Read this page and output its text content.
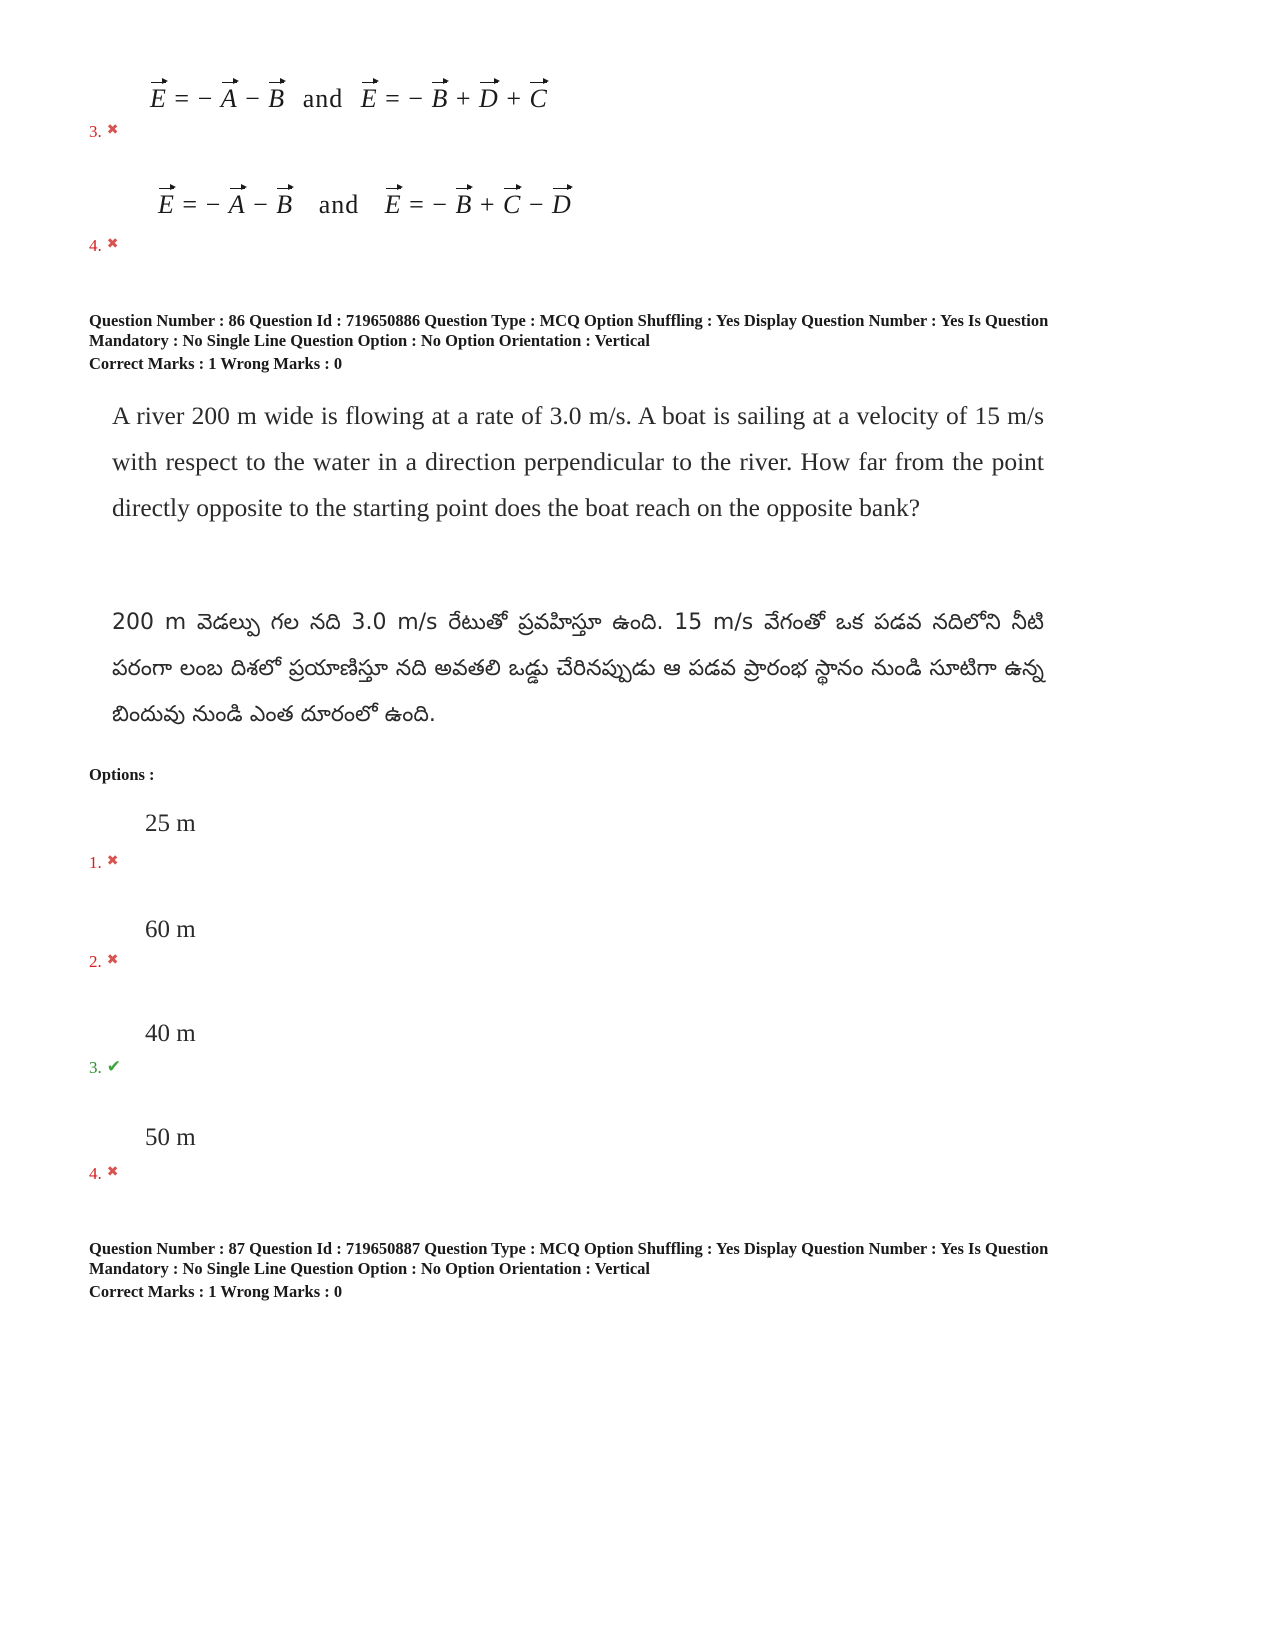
E = − A − B and E = − B + D + C
3. ✖
E = − A − B and E = − B + C − D
4. ✖
Question Number : 86 Question Id : 719650886 Question Type : MCQ Option Shuffling : Yes Display Question Number : Yes Is Question
Mandatory : No Single Line Question Option : No Option Orientation : Vertical
Correct Marks : 1 Wrong Marks : 0
A river 200 m wide is flowing at a rate of 3.0 m/s. A boat is sailing at a velocity of 15 m/s with respect to the water in a direction perpendicular to the river. How far from the point directly opposite to the starting point does the boat reach on the opposite bank?
200 m వెడల్పు గల నది 3.0 m/s రేటుతో ప్రవహిస్తూ ఉంది. 15 m/s వేగంతో ఒక పడవ నదిలోని నీటి పరంగా లంబ దిశలో ప్రయాణిస్తూ నది అవతలి ఒడ్డు చేరినప్పుడు ఆ పడవ ప్రారంభ స్థానం నుండి సూటిగా ఉన్న బిందువు నుండి ఎంత దూరంలో ఉంది.
Options :
25 m
1. ✖
60 m
2. ✖
40 m
3. ✔
50 m
4. ✖
Question Number : 87 Question Id : 719650887 Question Type : MCQ Option Shuffling : Yes Display Question Number : Yes Is Question
Mandatory : No Single Line Question Option : No Option Orientation : Vertical
Correct Marks : 1 Wrong Marks : 0
